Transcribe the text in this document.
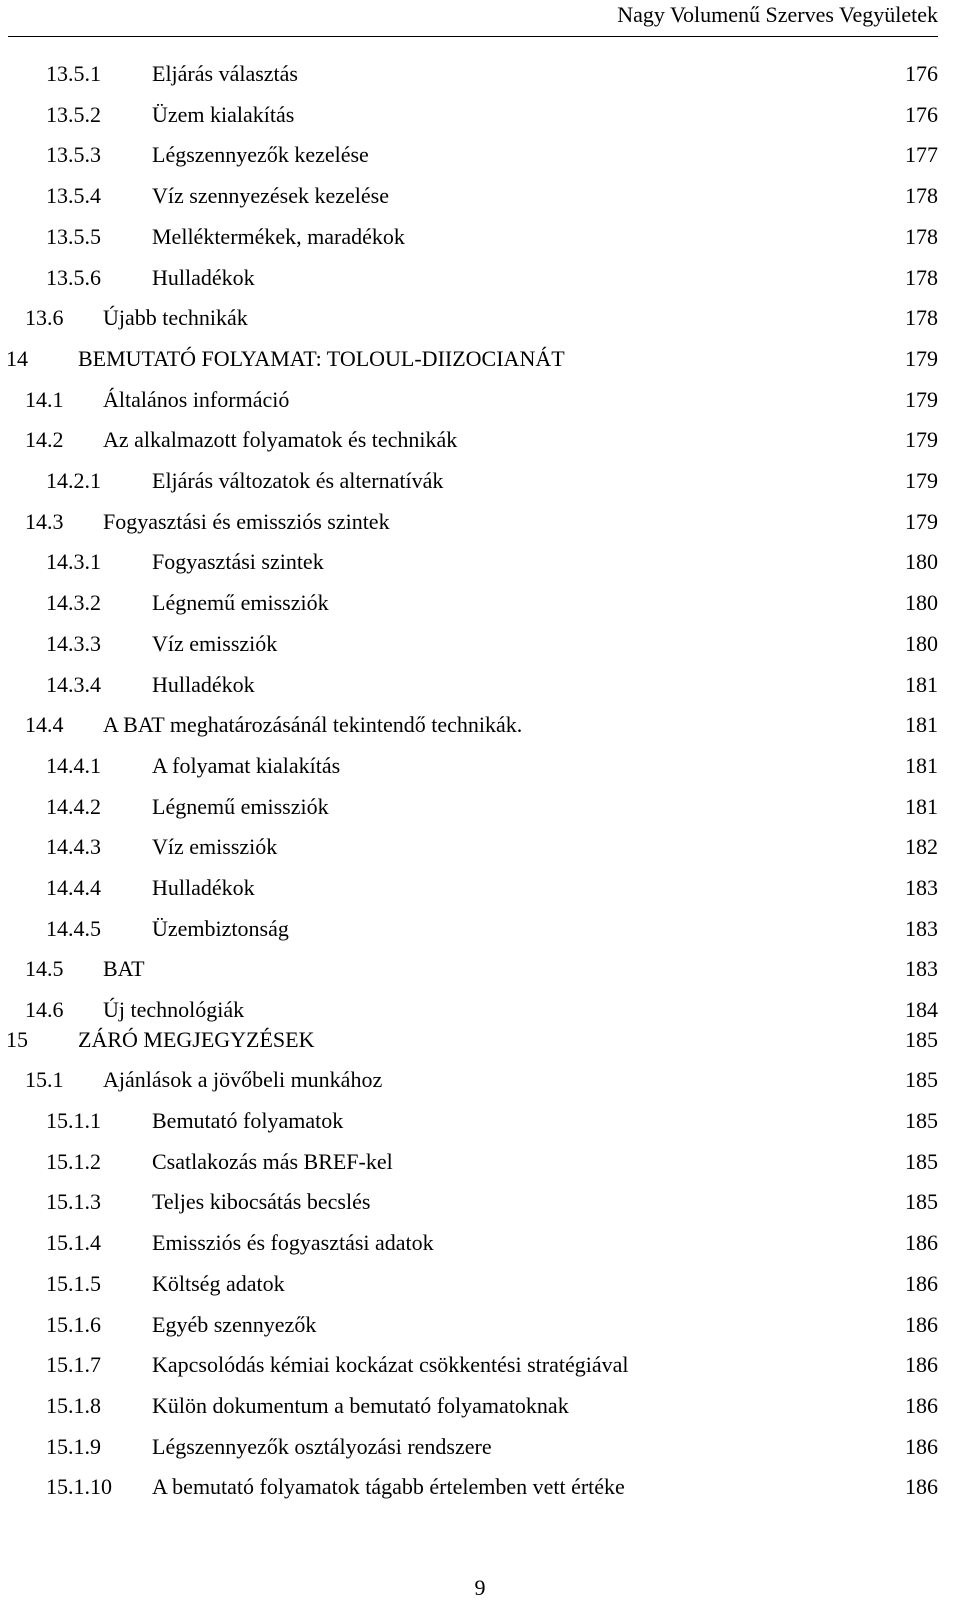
Nagy Volumenű Szerves Vegyületek
13.5.1 Eljárás választás	176
13.5.2 Üzem kialakítás	176
13.5.3 Légszennyezők kezelése	177
13.5.4 Víz szennyezések kezelése	178
13.5.5 Melléktermékek, maradékok	178
13.5.6 Hulladékok	178
13.6 Újabb technikák	178
14 BEMUTATÓ FOLYAMAT: TOLOUL-DIIZOCIANÁT	179
14.1 Általános információ	179
14.2 Az alkalmazott folyamatok és technikák	179
14.2.1 Eljárás változatok és alternatívák	179
14.3 Fogyasztási és emissziós szintek	179
14.3.1 Fogyasztási szintek	180
14.3.2 Légnemű emissziók	180
14.3.3 Víz emissziók	180
14.3.4 Hulladékok	181
14.4 A BAT meghatározásánál tekintendő technikák.	181
14.4.1 A folyamat kialakítás	181
14.4.2 Légnemű emissziók	181
14.4.3 Víz emissziók	182
14.4.4 Hulladékok	183
14.4.5 Üzembiztonság	183
14.5 BAT	183
14.6 Új technológiák	184
15 ZÁRÓ MEGJEGYZÉSEK	185
15.1 Ajánlások a jövőbeli munkához	185
15.1.1 Bemutató folyamatok	185
15.1.2 Csatlakozás más BREF-kel	185
15.1.3 Teljes kibocsátás becslés	185
15.1.4 Emissziós és fogyasztási adatok	186
15.1.5 Költség adatok	186
15.1.6 Egyéb szennyezők	186
15.1.7 Kapcsolódás kémiai kockázat csökkentési stratégiával	186
15.1.8 Külön dokumentum a bemutató folyamatoknak	186
15.1.9 Légszennyezők osztályozási rendszere	186
15.1.10 A bemutató folyamatok tágabb értelemben vett értéke	186
9
